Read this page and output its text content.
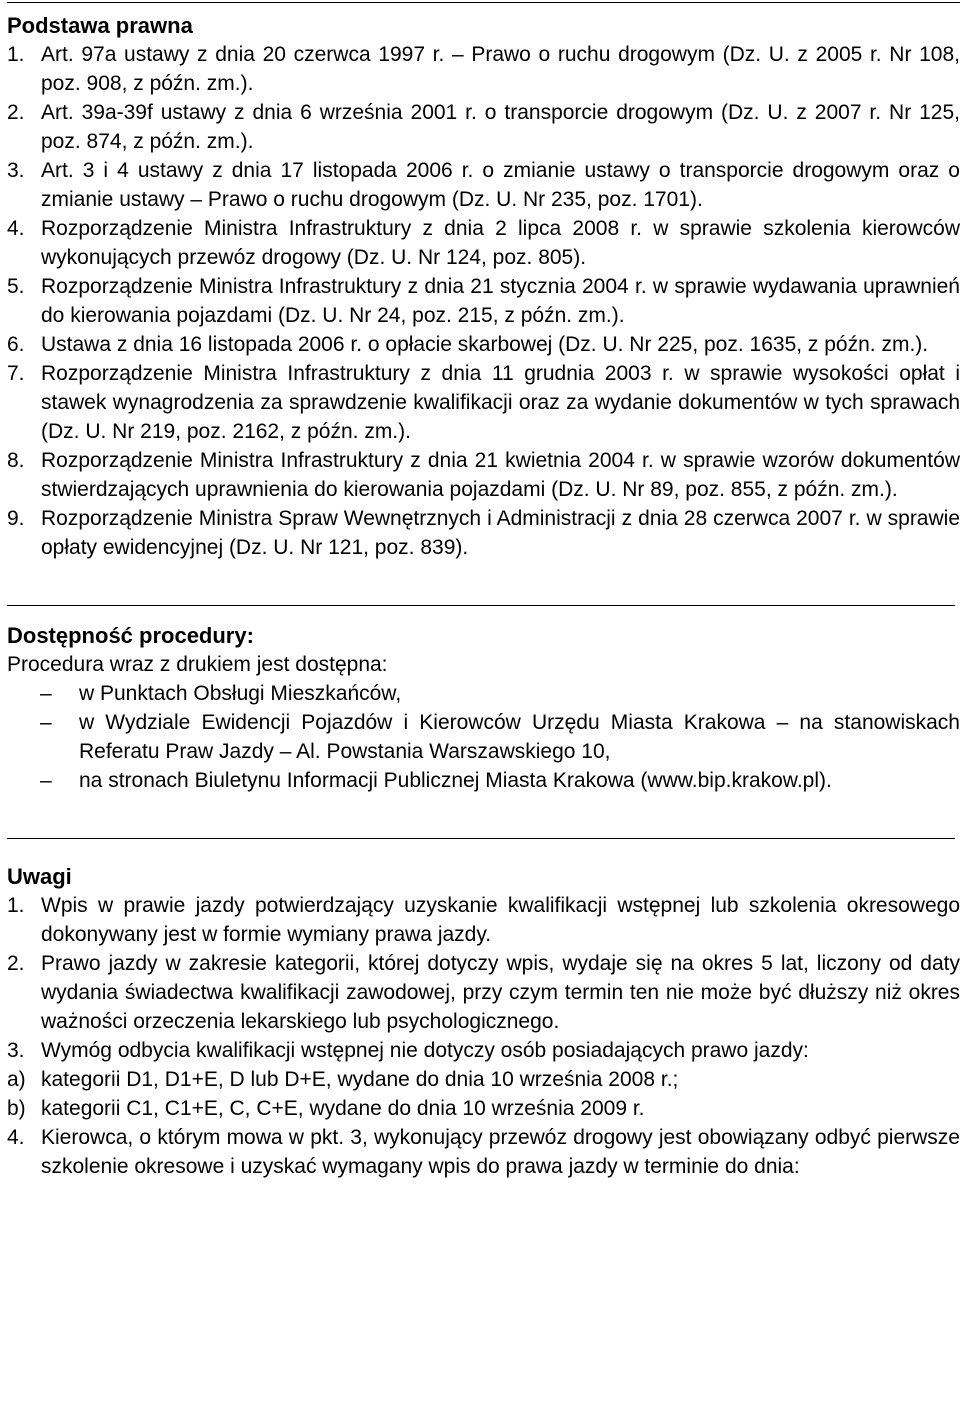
Podstawa prawna
1. Art. 97a ustawy z dnia 20 czerwca 1997 r. – Prawo o ruchu drogowym (Dz. U. z 2005 r. Nr 108, poz. 908, z późn. zm.).
2. Art. 39a-39f ustawy z dnia 6 września 2001 r. o transporcie drogowym (Dz. U. z 2007 r. Nr 125, poz. 874, z późn. zm.).
3. Art. 3 i 4 ustawy z dnia 17 listopada 2006 r. o zmianie ustawy o transporcie drogowym oraz o zmianie ustawy – Prawo o ruchu drogowym (Dz. U. Nr 235, poz. 1701).
4. Rozporządzenie Ministra Infrastruktury z dnia 2 lipca 2008 r. w sprawie szkolenia kierowców wykonujących przewóz drogowy (Dz. U. Nr 124, poz. 805).
5. Rozporządzenie Ministra Infrastruktury z dnia 21 stycznia 2004 r. w sprawie wydawania uprawnień do kierowania pojazdami (Dz. U. Nr 24, poz. 215, z późn. zm.).
6. Ustawa z dnia 16 listopada 2006 r. o opłacie skarbowej (Dz. U. Nr 225, poz. 1635, z późn. zm.).
7. Rozporządzenie Ministra Infrastruktury z dnia 11 grudnia 2003 r. w sprawie wysokości opłat i stawek wynagrodzenia za sprawdzenie kwalifikacji oraz za wydanie dokumentów w tych sprawach (Dz. U. Nr 219, poz. 2162, z późn. zm.).
8. Rozporządzenie Ministra Infrastruktury z dnia 21 kwietnia 2004 r. w sprawie wzorów dokumentów stwierdzających uprawnienia do kierowania pojazdami (Dz. U. Nr 89, poz. 855, z późn. zm.).
9. Rozporządzenie Ministra Spraw Wewnętrznych i Administracji z dnia 28 czerwca 2007 r. w sprawie opłaty ewidencyjnej (Dz. U. Nr 121, poz. 839).
Dostępność procedury:
Procedura wraz z drukiem jest dostępna:
– w Punktach Obsługi Mieszkańców,
– w Wydziale Ewidencji Pojazdów i Kierowców Urzędu Miasta Krakowa – na stanowiskach Referatu Praw Jazdy – Al. Powstania Warszawskiego 10,
– na stronach Biuletynu Informacji Publicznej Miasta Krakowa (www.bip.krakow.pl).
Uwagi
1. Wpis w prawie jazdy potwierdzający uzyskanie kwalifikacji wstępnej lub szkolenia okresowego dokonywany jest w formie wymiany prawa jazdy.
2. Prawo jazdy w zakresie kategorii, której dotyczy wpis, wydaje się na okres 5 lat, liczony od daty wydania świadectwa kwalifikacji zawodowej, przy czym termin ten nie może być dłuższy niż okres ważności orzeczenia lekarskiego lub psychologicznego.
3. Wymóg odbycia kwalifikacji wstępnej nie dotyczy osób posiadających prawo jazdy:
a) kategorii D1, D1+E, D lub D+E, wydane do dnia 10 września 2008 r.;
b) kategorii C1, C1+E, C, C+E, wydane do dnia 10 września 2009 r.
4. Kierowca, o którym mowa w pkt. 3, wykonujący przewóz drogowy jest obowiązany odbyć pierwsze szkolenie okresowe i uzyskać wymagany wpis do prawa jazdy w terminie do dnia:
